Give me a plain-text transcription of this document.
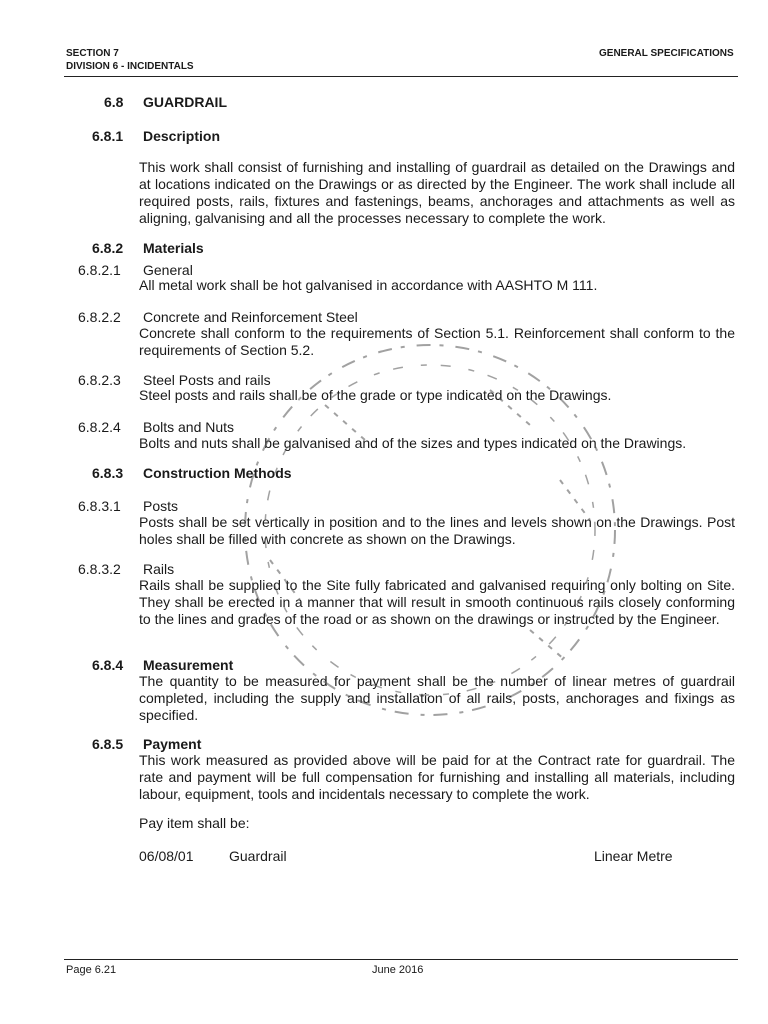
SECTION 7
DIVISION 6 - INCIDENTALS
GENERAL SPECIFICATIONS
6.8 GUARDRAIL
6.8.1 Description
This work shall consist of furnishing and installing of guardrail as detailed on the Drawings and at locations indicated on the Drawings or as directed by the Engineer. The work shall include all required posts, rails, fixtures and fastenings, beams, anchorages and attachments as well as aligning, galvanising and all the processes necessary to complete the work.
6.8.2 Materials
6.8.2.1 General
All metal work shall be hot galvanised in accordance with AASHTO M 111.
6.8.2.2 Concrete and Reinforcement Steel
Concrete shall conform to the requirements of Section 5.1. Reinforcement shall conform to the requirements of Section 5.2.
6.8.2.3 Steel Posts and rails
Steel posts and rails shall be of the grade or type indicated on the Drawings.
6.8.2.4 Bolts and Nuts
Bolts and nuts shall be galvanised and of the sizes and types indicated on the Drawings.
6.8.3 Construction Methods
6.8.3.1 Posts
Posts shall be set vertically in position and to the lines and levels shown on the Drawings. Post holes shall be filled with concrete as shown on the Drawings.
6.8.3.2 Rails
Rails shall be supplied to the Site fully fabricated and galvanised requiring only bolting on Site. They shall be erected in a manner that will result in smooth continuous rails closely conforming to the lines and grades of the road or as shown on the drawings or instructed by the Engineer.
6.8.4 Measurement
The quantity to be measured for payment shall be the number of linear metres of guardrail completed, including the supply and installation of all rails, posts, anchorages and fixings as specified.
6.8.5 Payment
This work measured as provided above will be paid for at the Contract rate for guardrail. The rate and payment will be full compensation for furnishing and installing all materials, including labour, equipment, tools and incidentals necessary to complete the work.
Pay item shall be:
06/08/01	Guardrail	Linear Metre
Page 6.21	June 2016
